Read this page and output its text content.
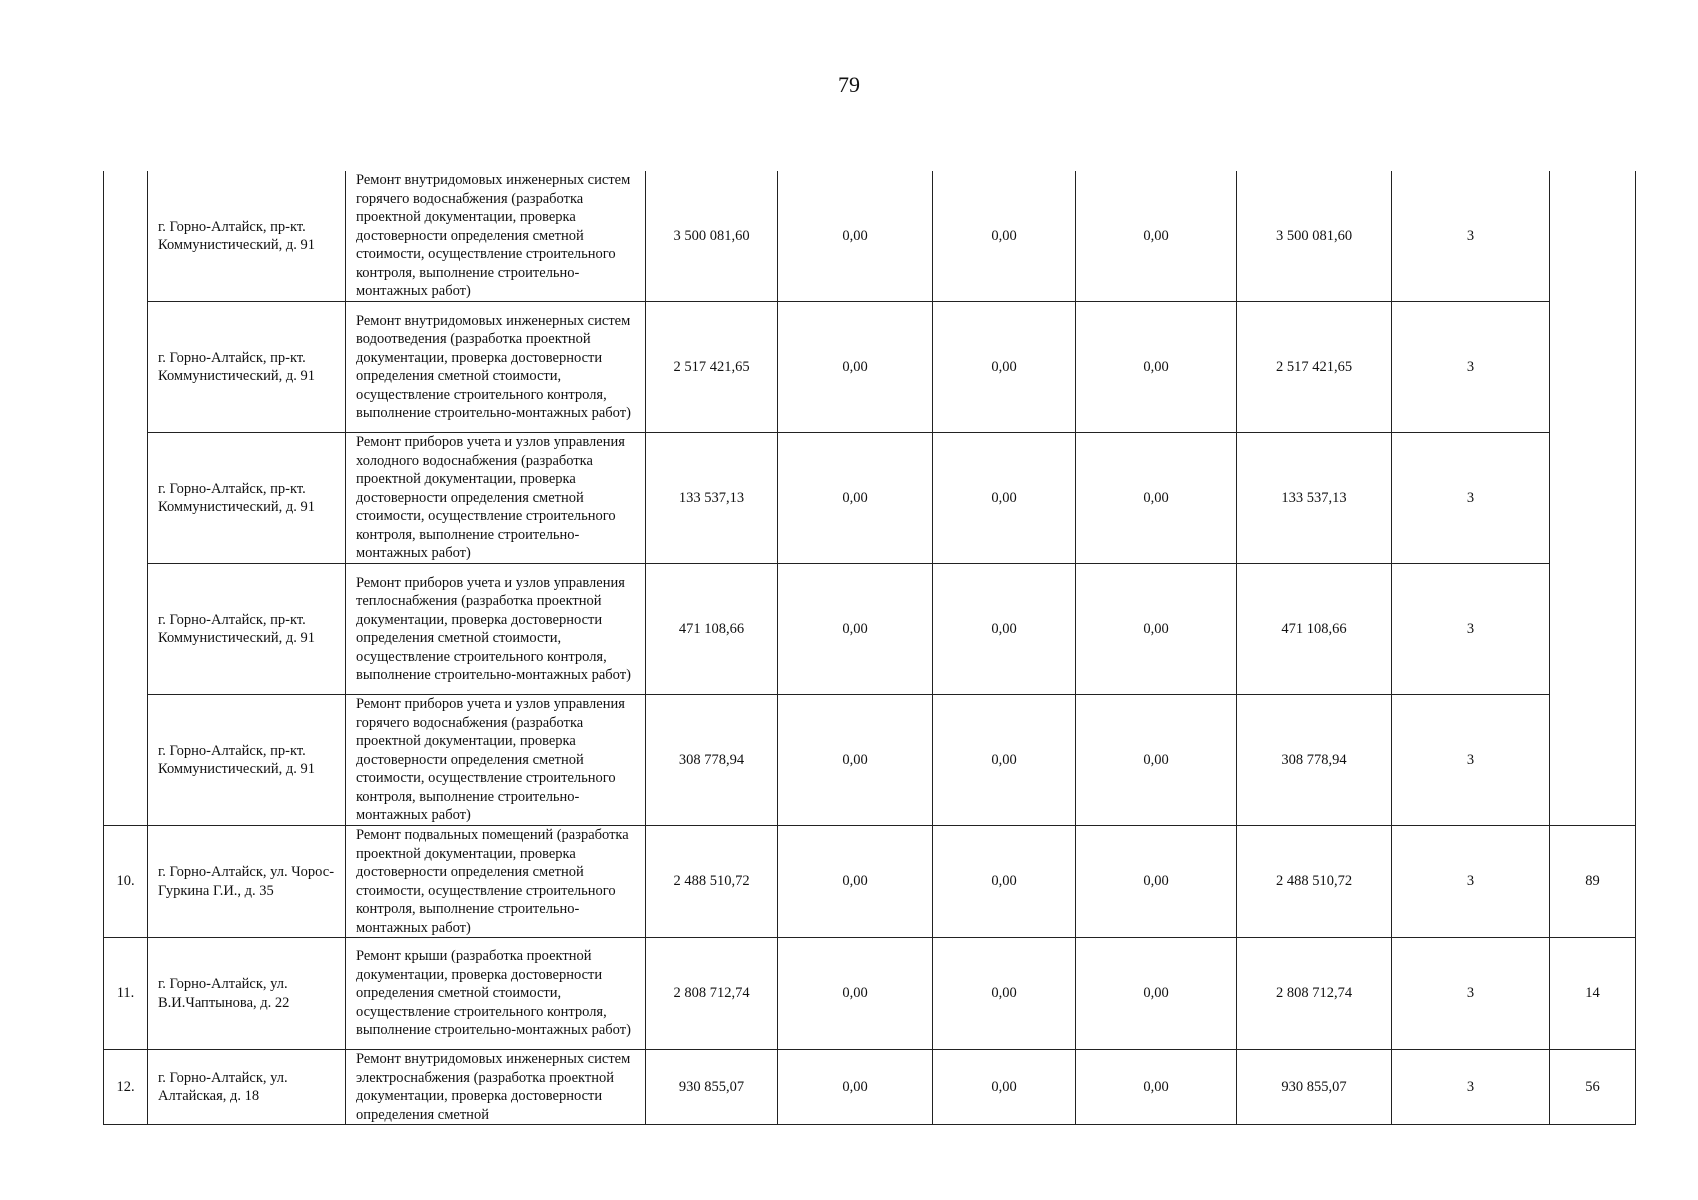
79
	г. Горно-Алтайск, пр-кт. Коммунистический, д. 91	Ремонт внутридомовых инженерных систем горячего водоснабжения (разработка проектной документации, проверка достоверности определения сметной стоимости, осуществление строительного контроля, выполнение строительно-монтажных работ)	3 500 081,60	0,00	0,00	0,00	3 500 081,60	3	
	г. Горно-Алтайск, пр-кт. Коммунистический, д. 91	Ремонт внутридомовых инженерных систем водоотведения (разработка проектной документации, проверка достоверности определения сметной стоимости, осуществление строительного контроля, выполнение строительно-монтажных работ)	2 517 421,65	0,00	0,00	0,00	2 517 421,65	3	
	г. Горно-Алтайск, пр-кт. Коммунистический, д. 91	Ремонт приборов учета и узлов управления холодного водоснабжения (разработка проектной документации, проверка достоверности определения сметной стоимости, осуществление строительного контроля, выполнение строительно-монтажных работ)	133 537,13	0,00	0,00	0,00	133 537,13	3	
	г. Горно-Алтайск, пр-кт. Коммунистический, д. 91	Ремонт приборов учета и узлов управления теплоснабжения (разработка проектной документации, проверка достоверности определения сметной стоимости, осуществление строительного контроля, выполнение строительно-монтажных работ)	471 108,66	0,00	0,00	0,00	471 108,66	3	
	г. Горно-Алтайск, пр-кт. Коммунистический, д. 91	Ремонт приборов учета и узлов управления горячего водоснабжения (разработка проектной документации, проверка достоверности определения сметной стоимости, осуществление строительного контроля, выполнение строительно-монтажных работ)	308 778,94	0,00	0,00	0,00	308 778,94	3	
10.	г. Горно-Алтайск, ул. Чорос-Гуркина Г.И., д. 35	Ремонт подвальных помещений (разработка проектной документации, проверка достоверности определения сметной стоимости, осуществление строительного контроля, выполнение строительно-монтажных работ)	2 488 510,72	0,00	0,00	0,00	2 488 510,72	3	89
11.	г. Горно-Алтайск, ул. В.И.Чаптынова, д. 22	Ремонт крыши (разработка проектной документации, проверка достоверности определения сметной стоимости, осуществление строительного контроля, выполнение строительно-монтажных работ)	2 808 712,74	0,00	0,00	0,00	2 808 712,74	3	14
12.	г. Горно-Алтайск, ул. Алтайская, д. 18	Ремонт внутридомовых инженерных систем электроснабжения (разработка проектной документации, проверка достоверности определения сметной	930 855,07	0,00	0,00	0,00	930 855,07	3	56
